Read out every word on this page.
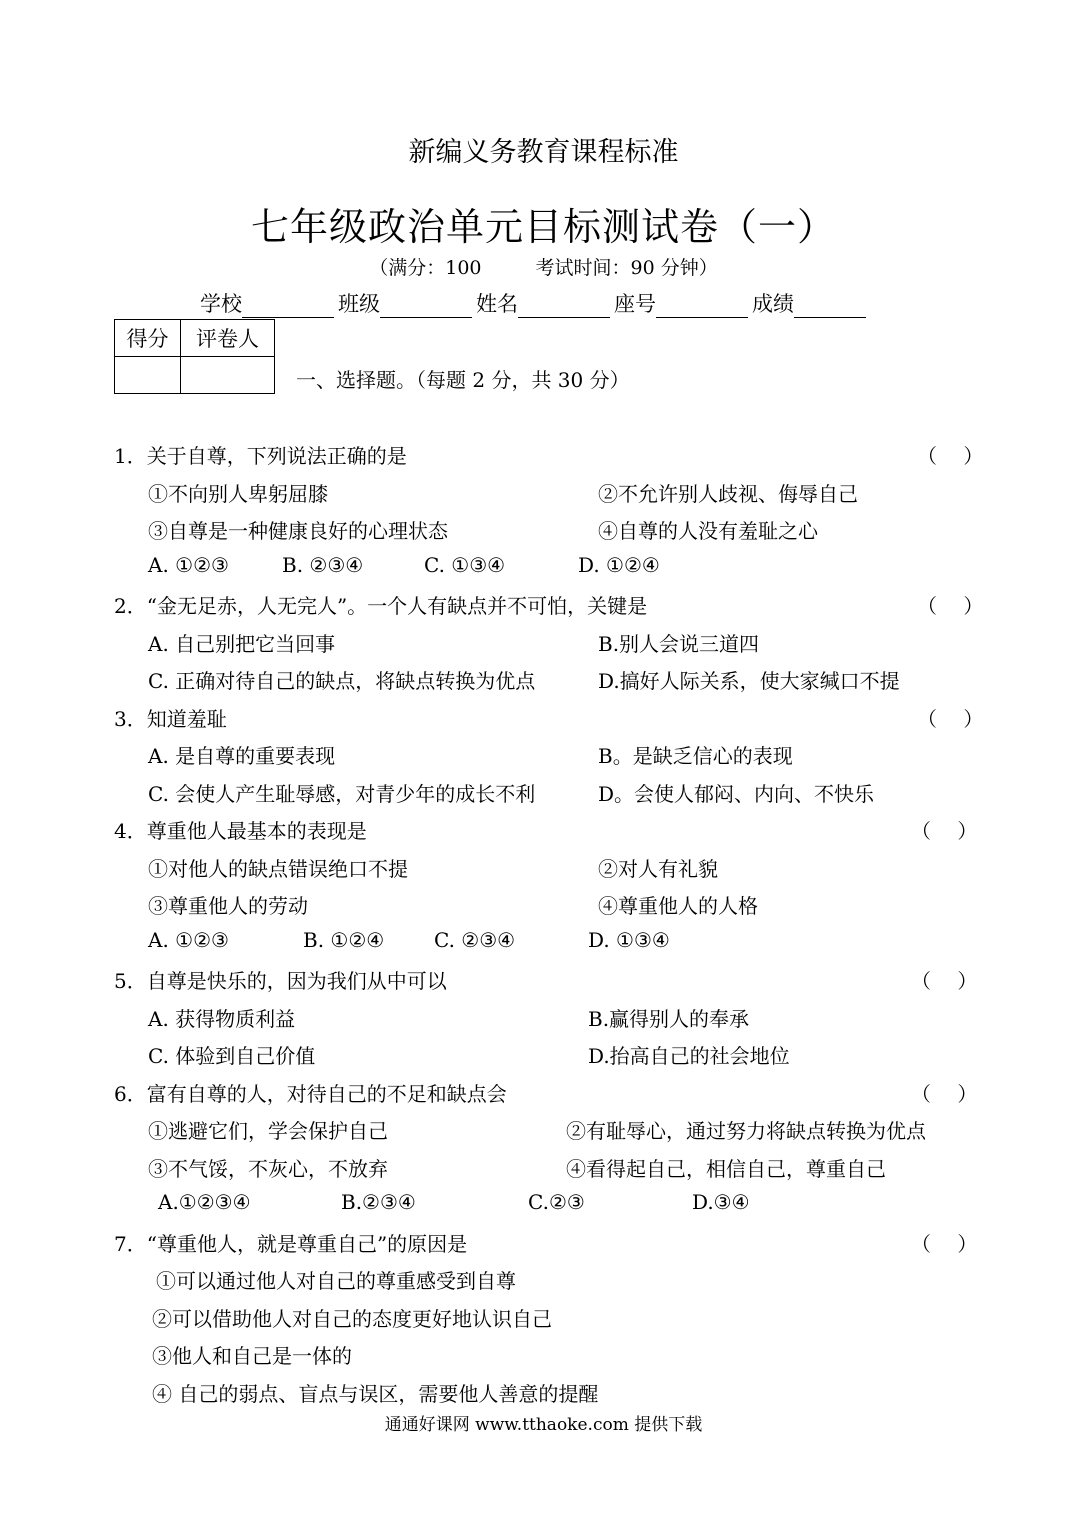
新编义务教育课程标准
七年级政治单元目标测试卷（一）
（满分：100	考试时间：90 分钟）
学校	班级	姓名	座号	成绩
得分	评卷人

一、选择题。（每题 2 分，共 30 分）
1．关于自尊，下列说法正确的是	（　 ）
①不向别人卑躬屈膝	②不允许别人歧视、侮辱自己
③自尊是一种健康良好的心理状态	④自尊的人没有羞耻之心
A. ①②③	B. ②③④	C. ①③④	D. ①②④
2．“金无足赤，人无完人”。一个人有缺点并不可怕，关键是	（　 ）
A. 自己别把它当回事	B.别人会说三道四
C. 正确对待自己的缺点，将缺点转换为优点	D.搞好人际关系，使大家缄口不提
3．知道羞耻	（　 ）
A. 是自尊的重要表现	B。是缺乏信心的表现
C. 会使人产生耻辱感，对青少年的成长不利	D。会使人郁闷、内向、不快乐
4．尊重他人最基本的表现是	（　 ）
①对他人的缺点错误绝口不提	②对人有礼貌
③尊重他人的劳动	④尊重他人的人格
A. ①②③	B. ①②④ C. ②③④	D. ①③④
5．自尊是快乐的，因为我们从中可以	（　 ）
A. 获得物质利益	B.赢得别人的奉承
C. 体验到自己价值	D.抬高自己的社会地位
6．富有自尊的人，对待自己的不足和缺点会	（　 ）
①逃避它们，学会保护自己	②有耻辱心，通过努力将缺点转换为优点
③不气馁，不灰心，不放弃	④看得起自己，相信自己，尊重自己
A.①②③④	B.②③④	C.②③	D.③④
7．“尊重他人，就是尊重自己”的原因是	（　 ）
①可以通过他人对自己的尊重感受到自尊
②可以借助他人对自己的态度更好地认识自己
③他人和自己是一体的
④ 自己的弱点、盲点与误区，需要他人善意的提醒
通通好课网 www.tthaoke.com 提供下载
